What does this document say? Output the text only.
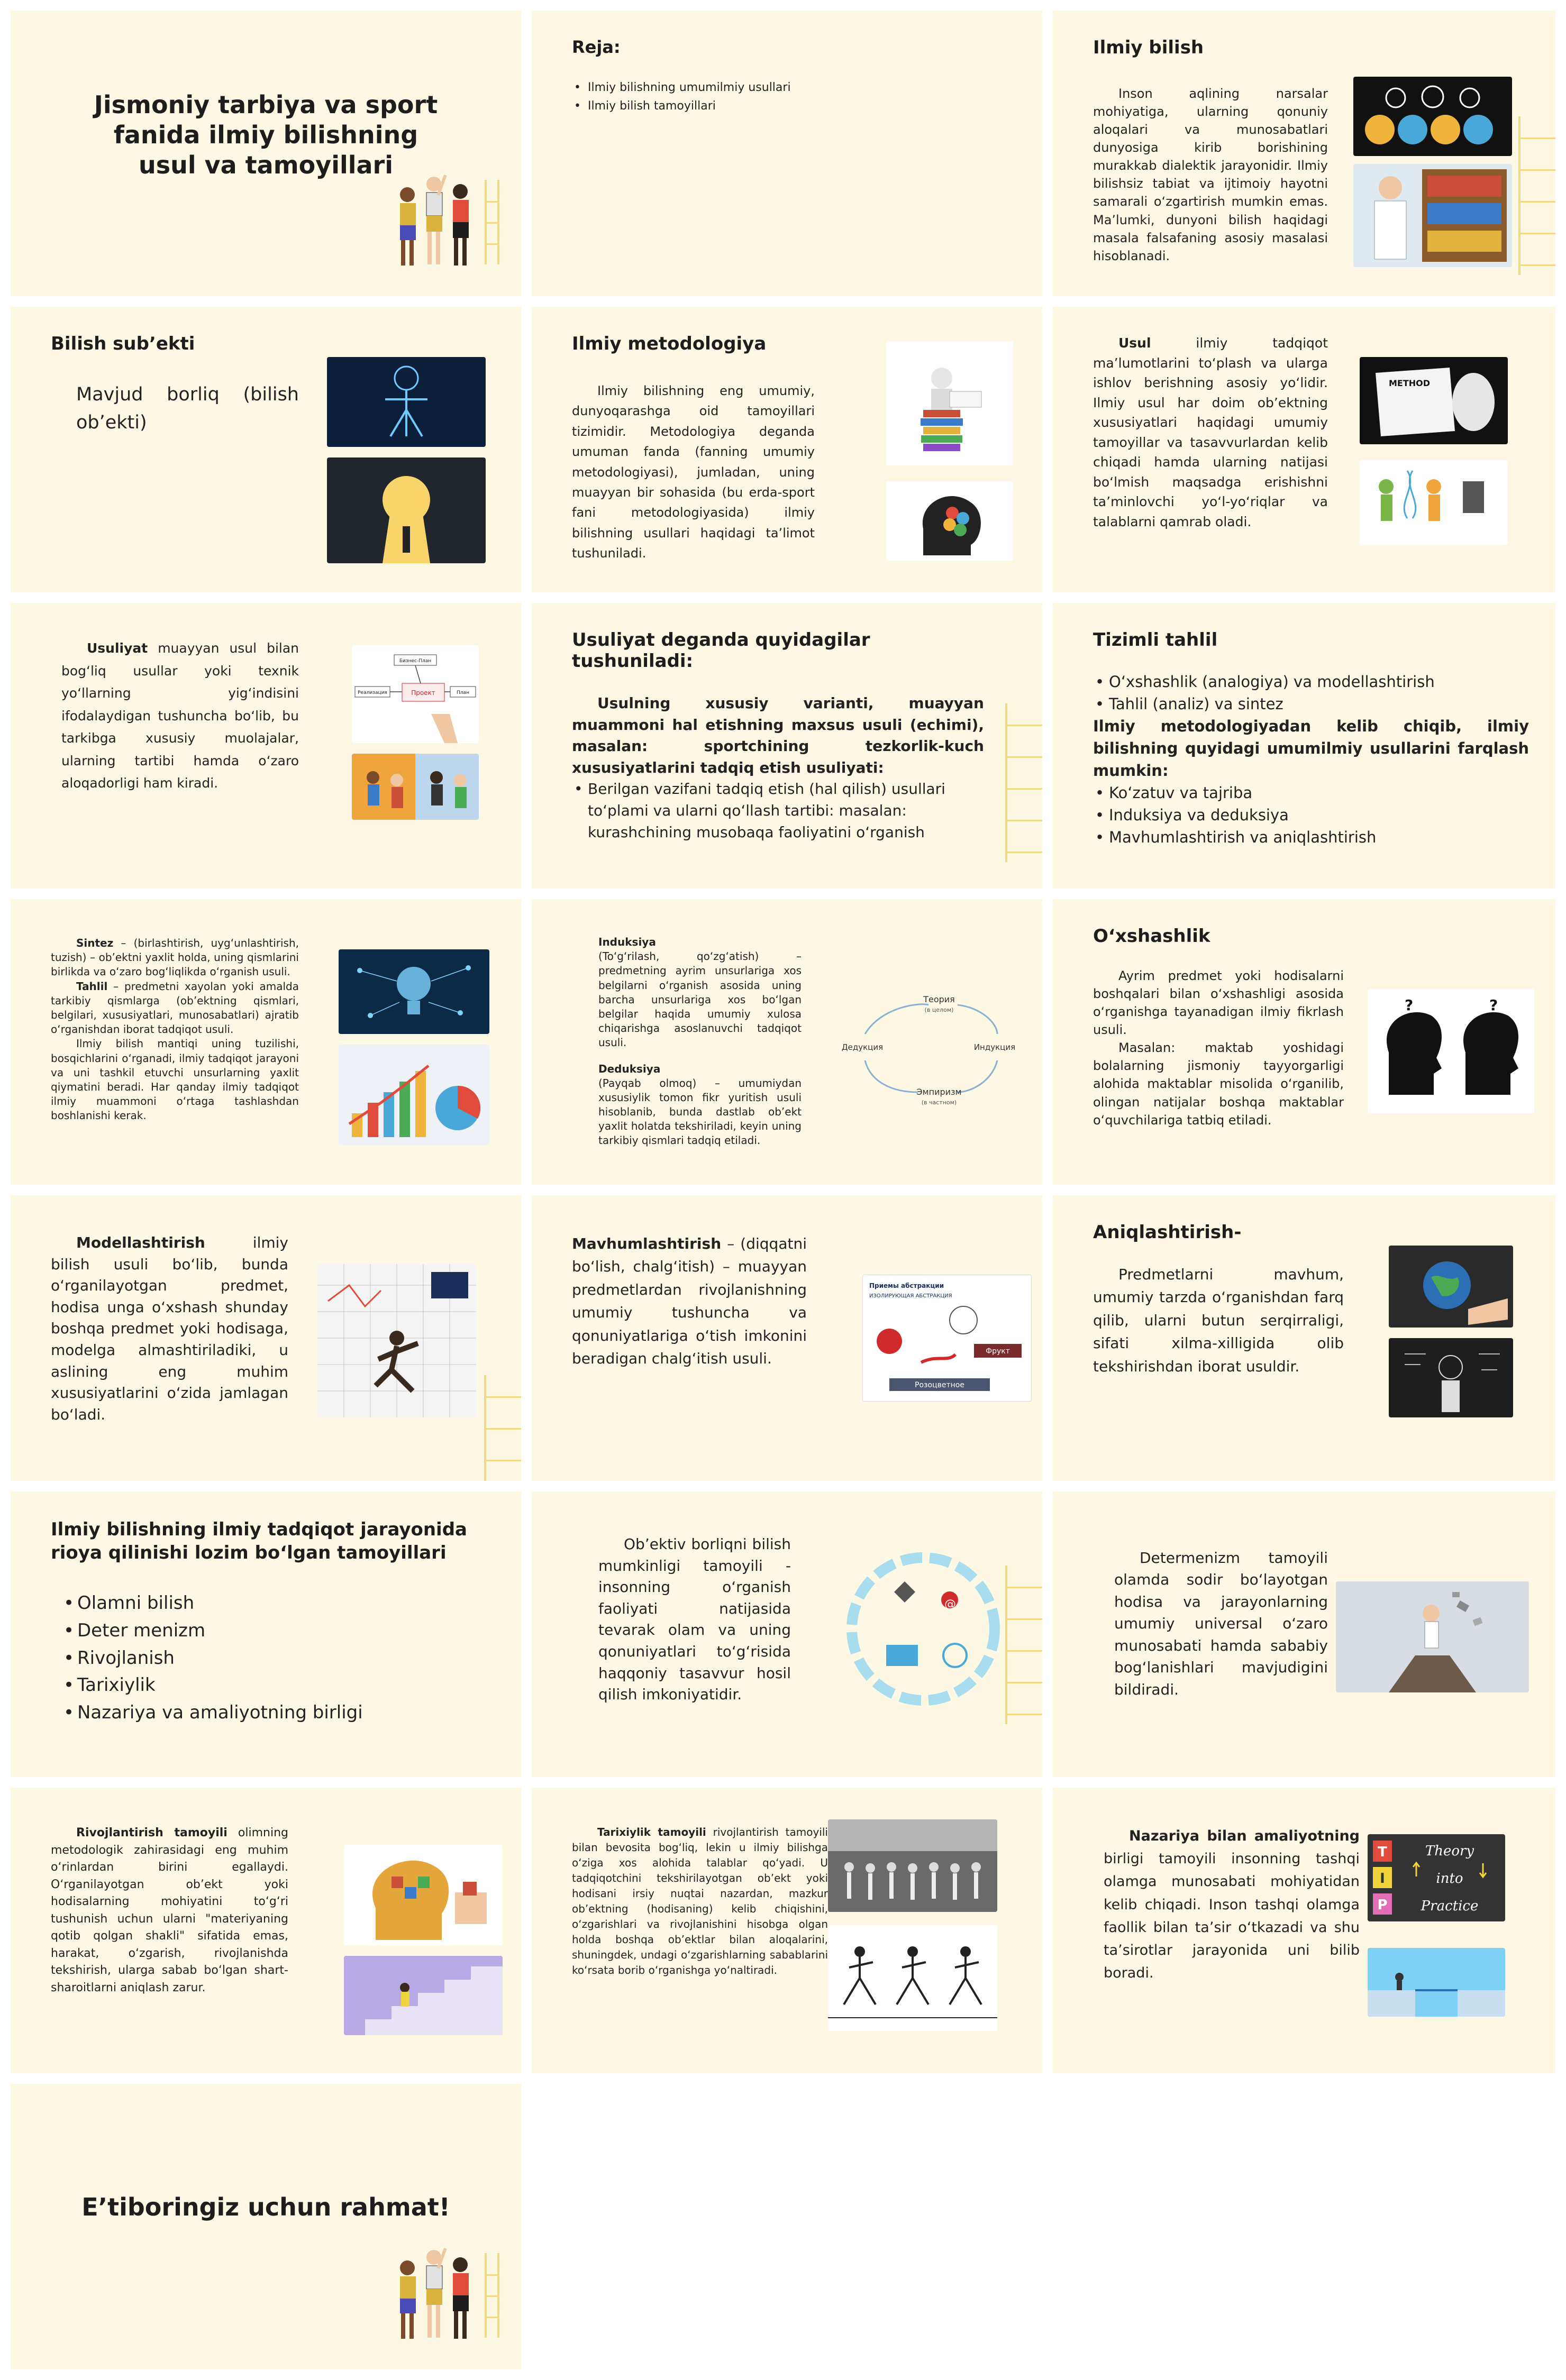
Jismoniy tarbiya va sport fanida ilmiy bilishning usul va tamoyillari
Reja:
• Ilmiy bilishning umumilmiy usullari
• Ilmiy bilish tamoyillari
Ilmiy bilish
Inson aqlining narsalar mohiyatiga, ularning qonuniy aloqalari va munosabatlari dunyosiga kirib borishining murakkab dialektik jarayonidir. Ilmiy bilishsiz tabiat va ijtimoiy hayotni samarali o‘zgartirish mumkin emas. Ma’lumki, dunyoni bilish haqidagi masala falsafaning asosiy masalasi hisoblanadi.
Bilish sub’ekti
Mavjud borliq (bilish ob’ekti)
Ilmiy metodologiya
Ilmiy bilishning eng umumiy, dunyoqarashga oid tamoyillari tizimidir. Metodologiya deganda umuman fanda (fanning umumiy metodologiyasi), jumladan, uning muayyan bir sohasida (bu erda-sport fani metodologiyasida) ilmiy bilishning usullari haqidagi ta’limot tushuniladi.
Usul ilmiy tadqiqot ma’lumotlarini to‘plash va ularga ishlov berishning asosiy yo‘lidir. Ilmiy usul har doim ob’ektning xususiyatlari haqidagi umumiy tamoyillar va tasavvurlardan kelib chiqadi hamda ularning natijasi bo‘lmish maqsadga erishishni ta’minlovchi yo‘l-yo‘riqlar va talablarni qamrab oladi.
METHOD
Usuliyat muayyan usul bilan bog‘liq usullar yoki texnik yo‘llarning yig‘indisini ifodalaydigan tushuncha bo‘lib, bu tarkibga xususiy muolajalar, ularning tartibi hamda o‘zaro aloqadorligi ham kiradi.
Проект
Бизнес-План
Реализация	План
Usuliyat deganda quyidagilar tushuniladi:
Usulning xususiy varianti, muayyan muammoni hal etishning maxsus usuli (echimi), masalan: sportchining tezkorlik-kuch xususiyatlarini tadqiq etish usuliyati:
• Berilgan vazifani tadqiq etish (hal qilish) usullari to‘plami va ularni qo‘llash tartibi: masalan: kurashchining musobaqa faoliyatini o‘rganish
Tizimli tahlil
• O‘xshashlik (analogiya) va modellashtirish
• Tahlil (analiz) va sintez
Ilmiy metodologiyadan kelib chiqib, ilmiy bilishning quyidagi umumilmiy usullarini farqlash mumkin:
• Ko‘zatuv va tajriba
• Induksiya va deduksiya
• Mavhumlashtirish va aniqlashtirish
Sintez – (birlashtirish, uyg‘unlashtirish, tuzish) – ob’ektni yaxlit holda, uning qismlarini birlikda va o‘zaro bog‘liqlikda o‘rganish usuli.
Tahlil – predmetni xayolan yoki amalda tarkibiy qismlarga (ob’ektning qismlari, belgilari, xususiyatlari, munosabatlari) ajratib o‘rganishdan iborat tadqiqot usuli.
Ilmiy bilish mantiqi uning tuzilishi, bosqichlarini o‘rganadi, ilmiy tadqiqot jarayoni va uni tashkil etuvchi unsurlarning yaxlit qiymatini beradi. Har qanday ilmiy tadqiqot ilmiy muammoni o‘rtaga tashlashdan boshlanishi kerak.
Induksiya
(To‘g‘rilash, qo‘zg‘atish) – predmetning ayrim unsurlariga xos belgilarni o‘rganish asosida uning barcha unsurlariga xos bo‘lgan belgilar haqida umumiy xulosa chiqarishga asoslanuvchi tadqiqot usuli.
Deduksiya
(Payqab olmoq) – umumiydan xususiylik tomon fikr yuritish usuli hisoblanib, bunda dastlab ob’ekt yaxlit holatda tekshiriladi, keyin uning tarkibiy qismlari tadqiq etiladi.
Теория
(в целом)
Дедукция	Индукция
Эмпиризм
(в частном)
O‘xshashlik
Ayrim predmet yoki hodisalarni boshqalari bilan o‘xshashligi asosida o‘rganishga tayanadigan ilmiy fikrlash usuli.
Masalan: maktab yoshidagi bolalarning jismoniy tayyorgarligi alohida maktablar misolida o‘rganilib, olingan natijalar boshqa maktablar o‘quvchilariga tatbiq etiladi.
?	?
Modellashtirish ilmiy bilish usuli bo‘lib, bunda o‘rganilayotgan predmet, hodisa unga o‘xshash shunday boshqa predmet yoki hodisaga, modelga almashtiriladiki, u aslining eng muhim xususiyatlarini o‘zida jamlagan bo‘ladi.
Mavhumlashtirish – (diqqatni bo‘lish, chalg‘itish) – muayyan predmetlardan rivojlanishning umumiy tushuncha va qonuniyatlariga o‘tish imkonini beradigan chalg‘itish usuli.
Приемы абстракции
ИЗОЛИРУЮЩАЯ АБСТРАКЦИЯ
Фрукт
Розоцветное
Aniqlashtirish-
Predmetlarni mavhum, umumiy tarzda o‘rganishdan farq qilib, ularni butun serqirraligi, sifati xilma-xilligida olib tekshirishdan iborat usuldir.
Ilmiy bilishning ilmiy tadqiqot jarayonida rioya qilinishi lozim bo‘lgan tamoyillari
• Olamni bilish
• Deter menizm
• Rivojlanish
• Tarixiylik
• Nazariya va amaliyotning birligi
Ob’ektiv borliqni bilish mumkinligi tamoyili - insonning o‘rganish faoliyati natijasida tevarak olam va uning qonuniyatlari to‘g‘risida haqqoniy tasavvur hosil qilish imkoniyatidir.
@
Determenizm tamoyili olamda sodir bo‘layotgan hodisa va jarayonlarning umumiy universal o‘zaro munosabati hamda sababiy bog‘lanishlari mavjudigini bildiradi.
Rivojlantirish tamoyili olimning metodologik zahirasidagi eng muhim o‘rinlardan birini egallaydi. O‘rganilayotgan ob’ekt yoki hodisalarning mohiyatini to‘g‘ri tushunish uchun ularni "materiyaning qotib qolgan shakli" sifatida emas, harakat, o‘zgarish, rivojlanishda tekshirish, ularga sabab bo‘lgan shart-sharoitlarni aniqlash zarur.
Tarixiylik tamoyili rivojlantirish tamoyili bilan bevosita bog‘liq, lekin u ilmiy bilishga o‘ziga xos alohida talablar qo‘yadi. U tadqiqotchini tekshirilayotgan ob’ekt yoki hodisani irsiy nuqtai nazardan, mazkur ob’ektning (hodisaning) kelib chiqishini, o‘zgarishlari va rivojlanishini hisobga olgan holda boshqa ob’ektlar bilan aloqalarini, shuningdek, undagi o‘zgarishlarning sabablarini ko‘rsata borib o‘rganishga yo‘naltiradi.
Nazariya bilan amaliyotning birligi tamoyili insonning tashqi olamga munosabati mohiyatidan kelib chiqadi. Inson tashqi olamga faollik bilan ta’sir o‘tkazadi va shu ta’sirotlar jarayonida uni bilib boradi.
T
I
P
Theory
into
Practice
E’tiboringiz uchun rahmat!
